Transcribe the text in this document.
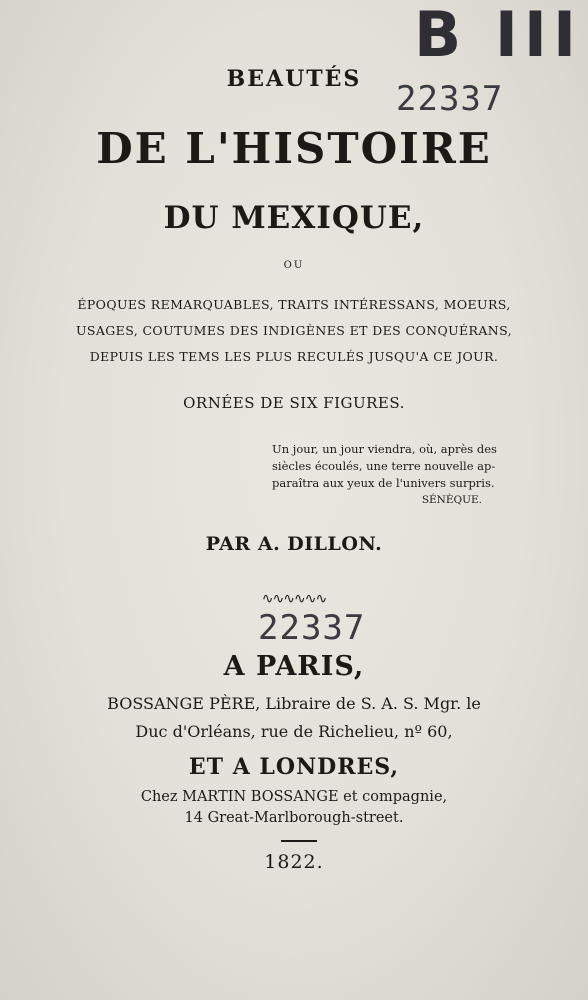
B III
22337
BEAUTÉS
DE L'HISTOIRE
DU MEXIQUE,
OU
ÉPOQUES REMARQUABLES, TRAITS INTÉRESSANS, MOEURS,
USAGES, COUTUMES DES INDIGÈNES ET DES CONQUÉRANS,
DEPUIS LES TEMS LES PLUS RECULÉS JUSQU'A CE JOUR.
ORNÉES DE SIX FIGURES.
Un jour, un jour viendra, où, après des
siècles écoulés, une terre nouvelle ap-
paraîtra aux yeux de l'univers surpris.
SÉNÈQUE.
PAR A. DILLON.
∿∿∿∿∿∿
22337
A PARIS,
BOSSANGE PÈRE, Libraire de S. A. S. Mgr. le
Duc d'Orléans, rue de Richelieu, nº 60,
ET A LONDRES,
Chez MARTIN BOSSANGE et compagnie,
14 Great-Marlborough-street.
1822.
